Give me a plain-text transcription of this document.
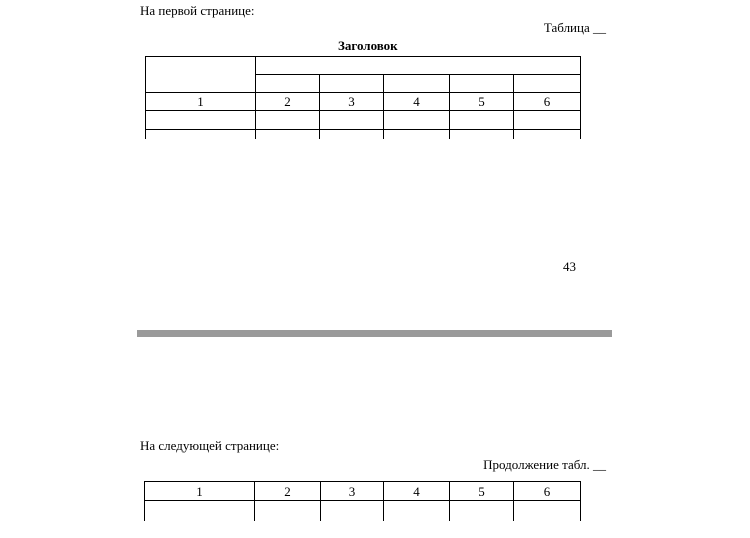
На первой странице:
Таблица __
Заголовок

1	2	3	4	5	6

43
На следующей странице:
Продолжение табл. __
1	2	3	4	5	6
